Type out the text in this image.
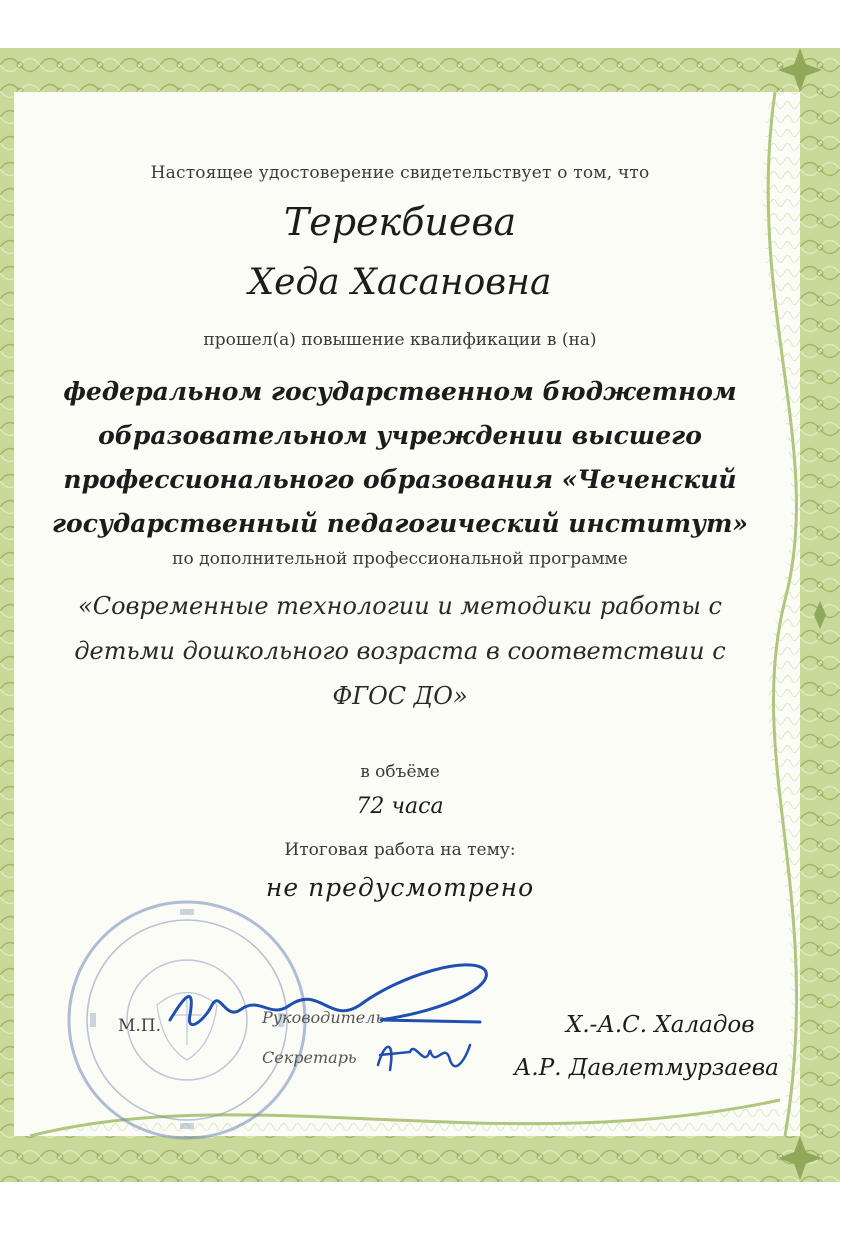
Настоящее удостоверение свидетельствует о том, что
Терекбиева
Хеда Хасановна
прошел(а) повышение квалификации в (на)
федеральном государственном бюджетном
образовательном учреждении высшего
профессионального образования «Чеченский
государственный педагогический институт»
по дополнительной профессиональной программе
«Современные технологии и методики работы с
детьми дошкольного возраста в соответствии с
ФГОС ДО»
в объёме
72 часа
Итоговая работа на тему:
не предусмотрено
М.П.	Руководитель
Секретарь
Х.-А.С. Халадов
А.Р. Давлетмурзаева
